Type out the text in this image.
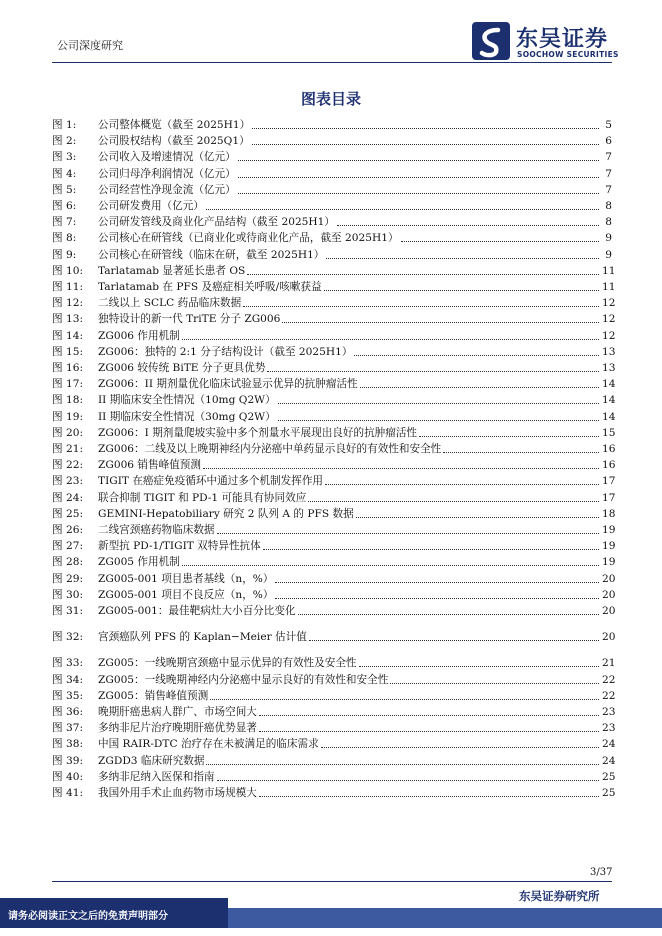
公司深度研究	东吴证券
SOOCHOW SECURITIES
图表目录
图 1:	公司整体概览（截至 2025H1）	5
图 2:	公司股权结构（截至 2025Q1）	6
图 3:	公司收入及增速情况（亿元）	7
图 4:	公司归母净利润情况（亿元）	7
图 5:	公司经营性净现金流（亿元）	7
图 6:	公司研发费用（亿元）	8
图 7:	公司研发管线及商业化产品结构（截至 2025H1）	8
图 8:	公司核心在研管线（已商业化或待商业化产品，截至 2025H1）	9
图 9:	公司核心在研管线（临床在研，截至 2025H1）	9
图 10:	Tarlatamab 显著延长患者 OS	11
图 11:	Tarlatamab 在 PFS 及癌症相关呼吸/咳嗽获益	11
图 12:	二线以上 SCLC 药品临床数据	12
图 13:	独特设计的新一代 TriTE 分子 ZG006	12
图 14:	ZG006 作用机制	12
图 15:	ZG006：独特的 2:1 分子结构设计（截至 2025H1）	13
图 16:	ZG006 较传统 BiTE 分子更具优势	13
图 17:	ZG006：II 期剂量优化临床试验显示优异的抗肿瘤活性	14
图 18:	II 期临床安全性情况（10mg Q2W）	14
图 19:	II 期临床安全性情况（30mg Q2W）	14
图 20:	ZG006：I 期剂量爬坡实验中多个剂量水平展现出良好的抗肿瘤活性	15
图 21:	ZG006：二线及以上晚期神经内分泌癌中单药显示良好的有效性和安全性	16
图 22:	ZG006 销售峰值预测	16
图 23:	TIGIT 在癌症免疫循环中通过多个机制发挥作用	17
图 24:	联合抑制 TIGIT 和 PD-1 可能具有协同效应	17
图 25:	GEMINI-Hepatobiliary 研究 2 队列 A 的 PFS 数据	18
图 26:	二线宫颈癌药物临床数据	19
图 27:	新型抗 PD-1/TIGIT 双特异性抗体	19
图 28:	ZG005 作用机制	19
图 29:	ZG005-001 项目患者基线（n，%）	20
图 30:	ZG005-001 项目不良反应（n，%）	20
图 31:	ZG005-001：最佳靶病灶大小百分比变化	20
图 32:	宫颈癌队列 PFS 的 Kaplan−Meier 估计值	20
图 33:	ZG005：一线晚期宫颈癌中显示优异的有效性及安全性	21
图 34:	ZG005：一线晚期神经内分泌癌中显示良好的有效性和安全性	22
图 35:	ZG005：销售峰值预测	22
图 36:	晚期肝癌患病人群广、市场空间大	23
图 37:	多纳非尼片治疗晚期肝癌优势显著	23
图 38:	中国 RAIR-DTC 治疗存在未被满足的临床需求	24
图 39:	ZGDD3 临床研究数据	24
图 40:	多纳非尼纳入医保和指南	25
图 41:	我国外用手术止血药物市场规模大	25
3/37
东吴证券研究所
请务必阅读正文之后的免责声明部分
